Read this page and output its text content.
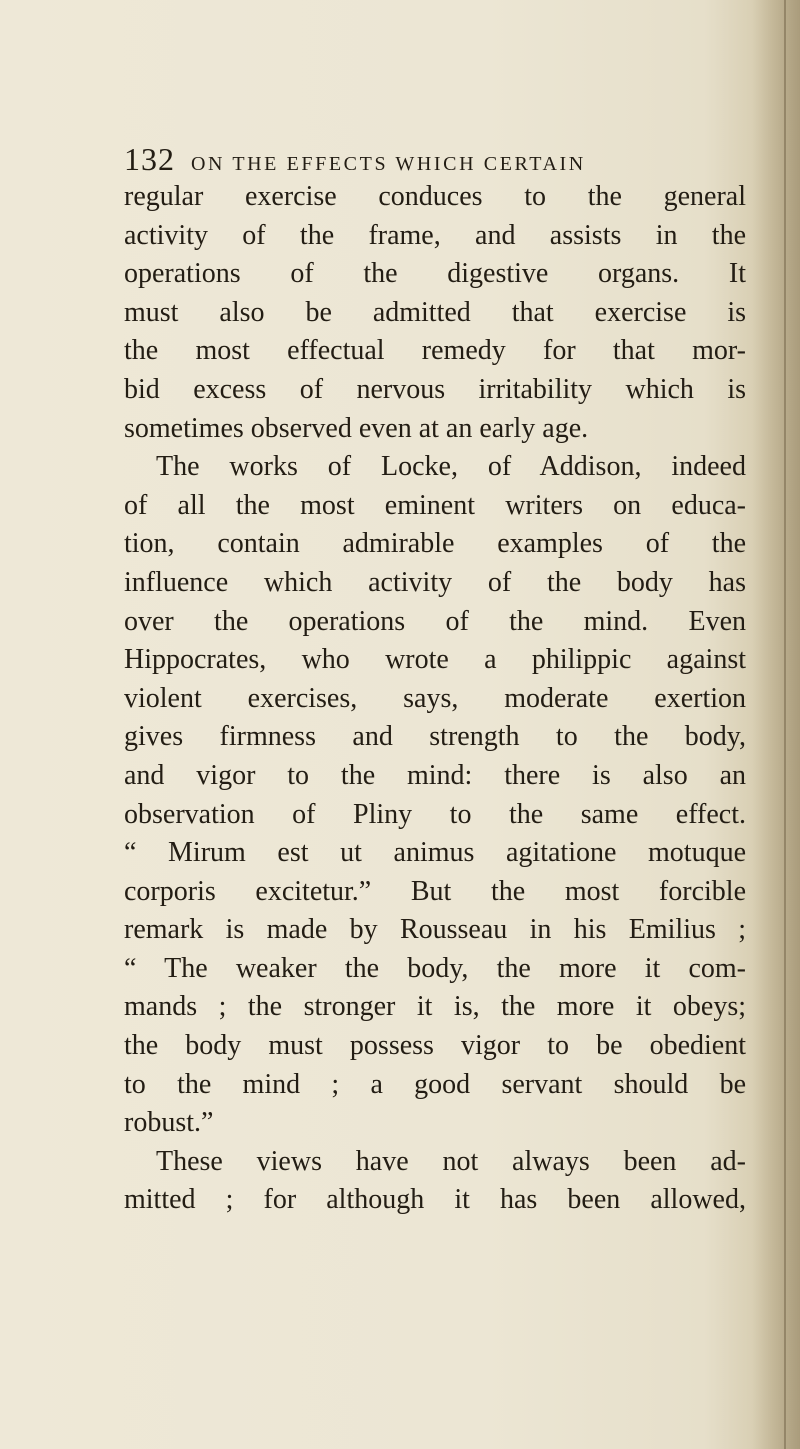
132 ON THE EFFECTS WHICH CERTAIN
regular exercise conduces to the general
activity of the frame, and assists in the
operations of the digestive organs. It
must also be admitted that exercise is
the most effectual remedy for that mor-
bid excess of nervous irritability which is
sometimes observed even at an early age.
The works of Locke, of Addison, indeed
of all the most eminent writers on educa-
tion, contain admirable examples of the
influence which activity of the body has
over the operations of the mind. Even
Hippocrates, who wrote a philippic against
violent exercises, says, moderate exertion
gives firmness and strength to the body,
and vigor to the mind: there is also an
observation of Pliny to the same effect.
“ Mirum est ut animus agitatione motuque
corporis excitetur.” But the most forcible
remark is made by Rousseau in his Emilius ;
“ The weaker the body, the more it com-
mands ; the stronger it is, the more it obeys;
the body must possess vigor to be obedient
to the mind ; a good servant should be
robust.”
These views have not always been ad-
mitted ; for although it has been allowed,
